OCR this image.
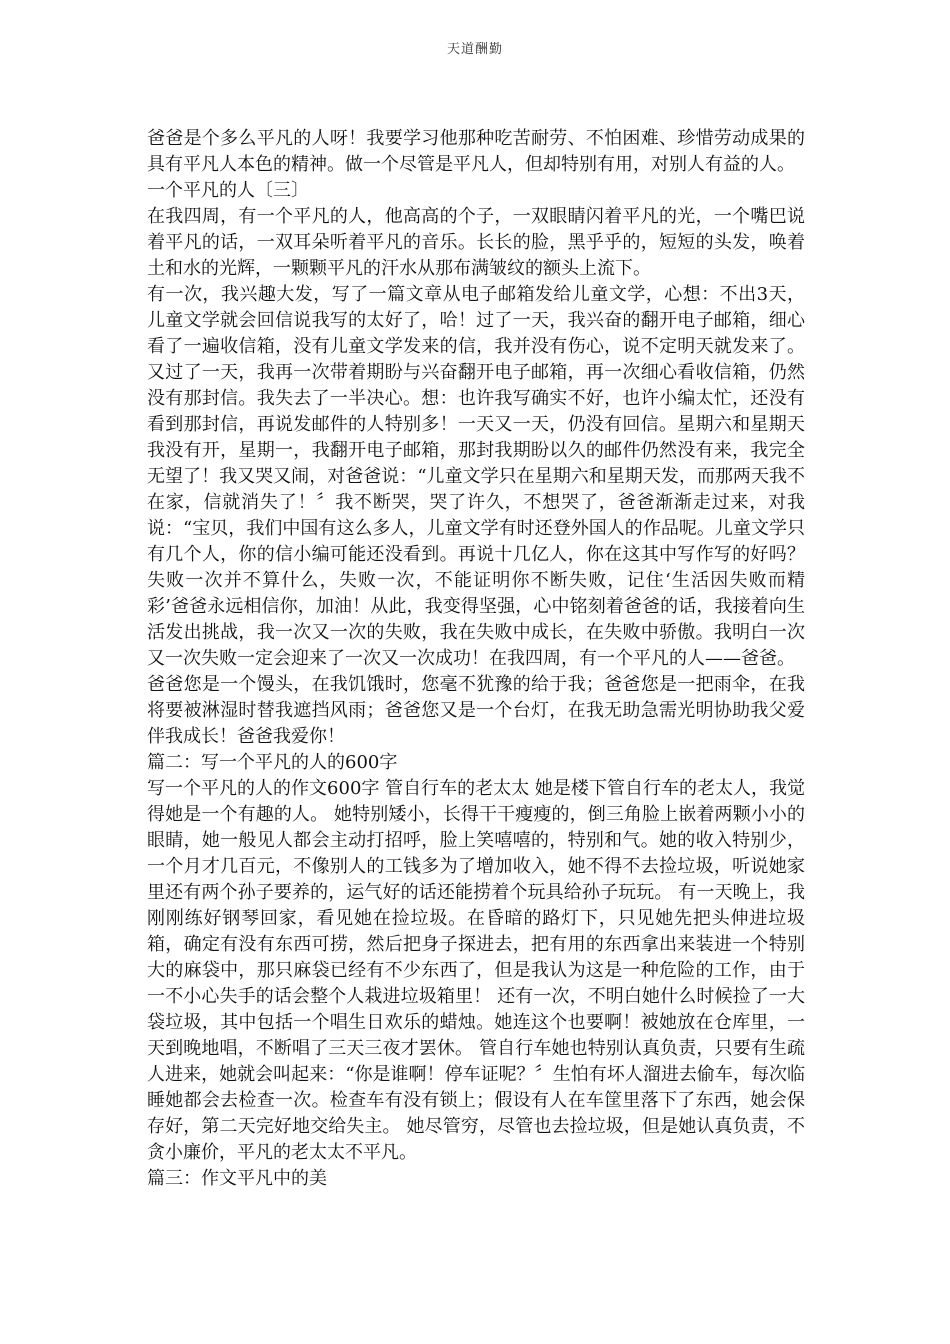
天道酬勤

爸爸是个多么平凡的人呀！我要学习他那种吃苦耐劳、不怕困难、珍惜劳动成果的具有平凡人本色的精神。做一个尽管是平凡人，但却特别有用，对别人有益的人。

一个平凡的人〔三〕

在我四周，有一个平凡的人，他高高的个子，一双眼睛闪着平凡的光，一个嘴巴说着平凡的话，一双耳朵听着平凡的音乐。长长的脸，黑乎乎的，短短的头发，唤着土和水的光辉，一颗颗平凡的汗水从那布满皱纹的额头上流下。

有一次，我兴趣大发，写了一篇文章从电子邮箱发给儿童文学，心想：不出3天，儿童文学就会回信说我写的太好了，哈！过了一天，我兴奋的翻开电子邮箱，细心看了一遍收信箱，没有儿童文学发来的信，我并没有伤心，说不定明天就发来了。又过了一天，我再一次带着期盼与兴奋翻开电子邮箱，再一次细心看收信箱，仍然没有那封信。我失去了一半决心。想：也许我写确实不好，也许小编太忙，还没有看到那封信，再说发邮件的人特别多！一天又一天，仍没有回信。星期六和星期天我没有开，星期一，我翻开电子邮箱，那封我期盼以久的邮件仍然没有来，我完全无望了！我又哭又闹，对爸爸说：“儿童文学只在星期六和星期天发，而那两天我不在家，信就消失了！〞我不断哭，哭了许久，不想哭了，爸爸渐渐走过来，对我说：“宝贝，我们中国有这么多人，儿童文学有时还登外国人的作品呢。儿童文学只有几个人，你的信小编可能还没看到。再说十几亿人，你在这其中写作写的好吗？失败一次并不算什么，失败一次，不能证明你不断失败，记住‘生活因失败而精彩’爸爸永远相信你，加油！从此，我变得坚强，心中铭刻着爸爸的话，我接着向生活发出挑战，我一次又一次的失败，我在失败中成长，在失败中骄傲。我明白一次又一次失败一定会迎来了一次又一次成功！在我四周，有一个平凡的人——爸爸。

爸爸您是一个馒头，在我饥饿时，您毫不犹豫的给于我；爸爸您是一把雨伞，在我将要被淋湿时替我遮挡风雨；爸爸您又是一个台灯，在我无助急需光明协助我父爱伴我成长！爸爸我爱你！

篇二：写一个平凡的人的600字

写一个平凡的人的作文600字 管自行车的老太太 她是楼下管自行车的老太人，我觉得她是一个有趣的人。 她特别矮小，长得干干瘦瘦的，倒三角脸上嵌着两颗小小的眼睛，她一般见人都会主动打招呼，脸上笑嘻嘻的，特别和气。她的收入特别少，一个月才几百元，不像别人的工钱多为了增加收入，她不得不去捡垃圾，听说她家里还有两个孙子要养的，运气好的话还能捞着个玩具给孙子玩玩。 有一天晚上，我刚刚练好钢琴回家，看见她在捡垃圾。在昏暗的路灯下，只见她先把头伸进垃圾箱，确定有没有东西可捞，然后把身子探进去，把有用的东西拿出来装进一个特别大的麻袋中，那只麻袋已经有不少东西了，但是我认为这是一种危险的工作，由于一不小心失手的话会整个人栽进垃圾箱里！ 还有一次，不明白她什么时候捡了一大袋垃圾，其中包括一个唱生日欢乐的蜡烛。她连这个也要啊！被她放在仓库里，一天到晚地唱，不断唱了三天三夜才罢休。 管自行车她也特别认真负责，只要有生疏人进来，她就会叫起来：“你是谁啊！停车证呢？〞生怕有坏人溜进去偷车，每次临睡她都会去检查一次。检查车有没有锁上；假设有人在车筐里落下了东西，她会保存好，第二天完好地交给失主。 她尽管穷，尽管也去捡垃圾，但是她认真负责，不贪小廉价，平凡的老太太不平凡。

篇三：作文平凡中的美
